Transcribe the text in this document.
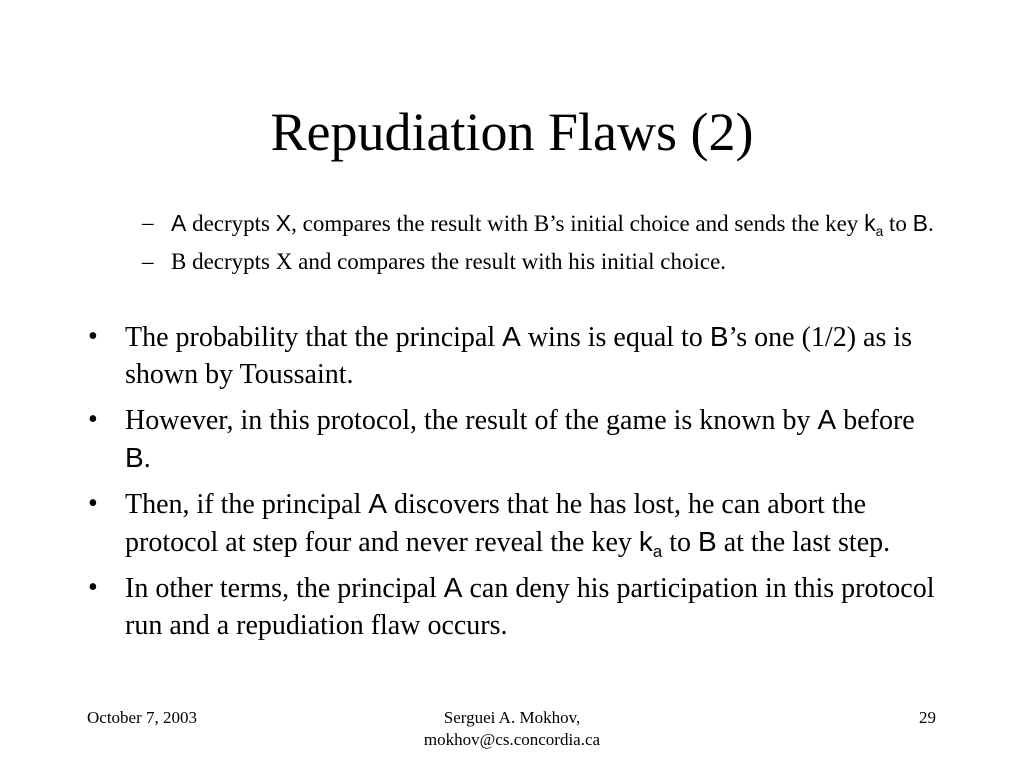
Repudiation Flaws (2)
– A decrypts X, compares the result with B’s initial choice and sends the key $k_a$ to B.
– B decrypts X and compares the result with his initial choice.
• The probability that the principal A wins is equal to B’s one (1/2) as is shown by Toussaint.
• However, in this protocol, the result of the game is known by A before B.
• Then, if the principal A discovers that he has lost, he can abort the protocol at step four and never reveal the key $k_a$ to B at the last step.
• In other terms, the principal A can deny his participation in this protocol run and a repudiation flaw occurs.
October 7, 2003	Serguei A. Mokhov,
mokhov@cs.concordia.ca
29
